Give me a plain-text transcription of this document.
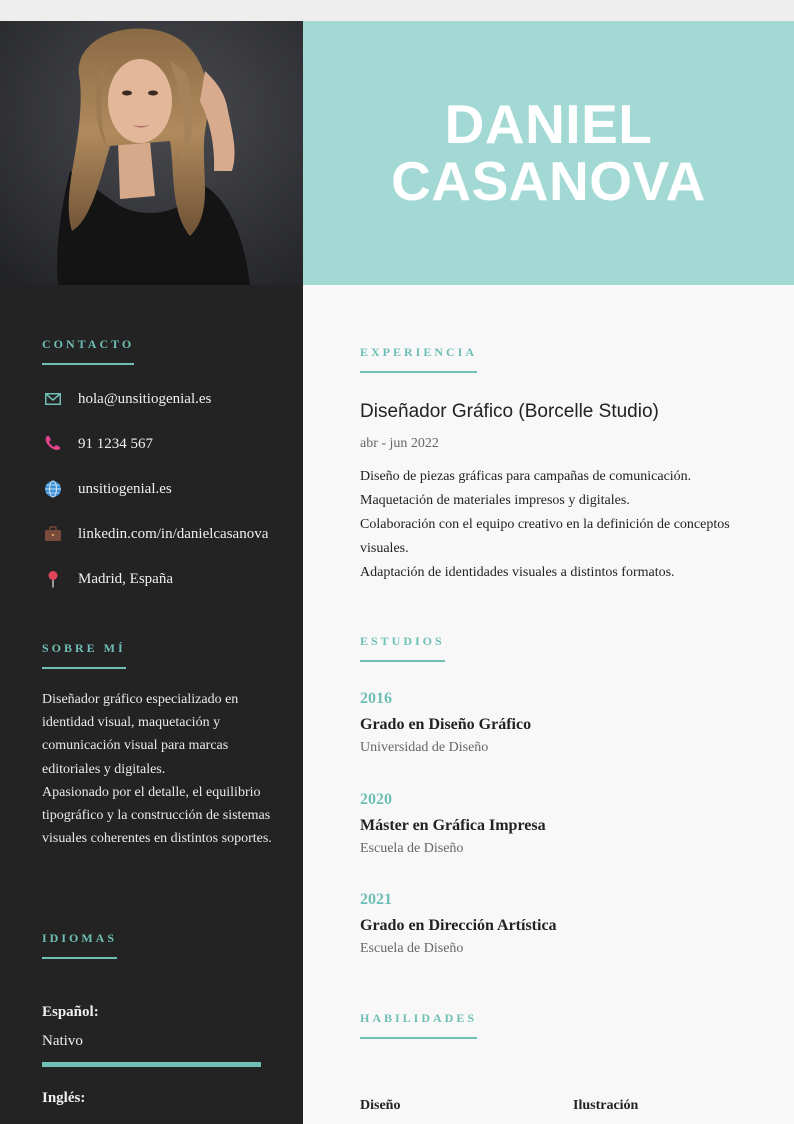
DANIEL
CASANOVA
CONTACTO
hola@unsitiogenial.es
91 1234 567
unsitiogenial.es
linkedin.com/in/danielcasanova
Madrid, España
SOBRE MÍ
Diseñador gráfico especializado en identidad visual, maquetación y comunicación visual para marcas editoriales y digitales.
Apasionado por el detalle, el equilibrio tipográfico y la construcción de sistemas visuales coherentes en distintos soportes.
IDIOMAS
Español:
Nativo
Inglés:
EXPERIENCIA
Diseñador Gráfico (Borcelle Studio)
abr - jun 2022
Diseño de piezas gráficas para campañas de comunicación.
Maquetación de materiales impresos y digitales.
Colaboración con el equipo creativo en la definición de conceptos visuales.
Adaptación de identidades visuales a distintos formatos.
ESTUDIOS
2016
Grado en Diseño Gráfico
Universidad de Diseño
2020
Máster en Gráfica Impresa
Escuela de Diseño
2021
Grado en Dirección Artística
Escuela de Diseño
HABILIDADES
Diseño	Ilustración
